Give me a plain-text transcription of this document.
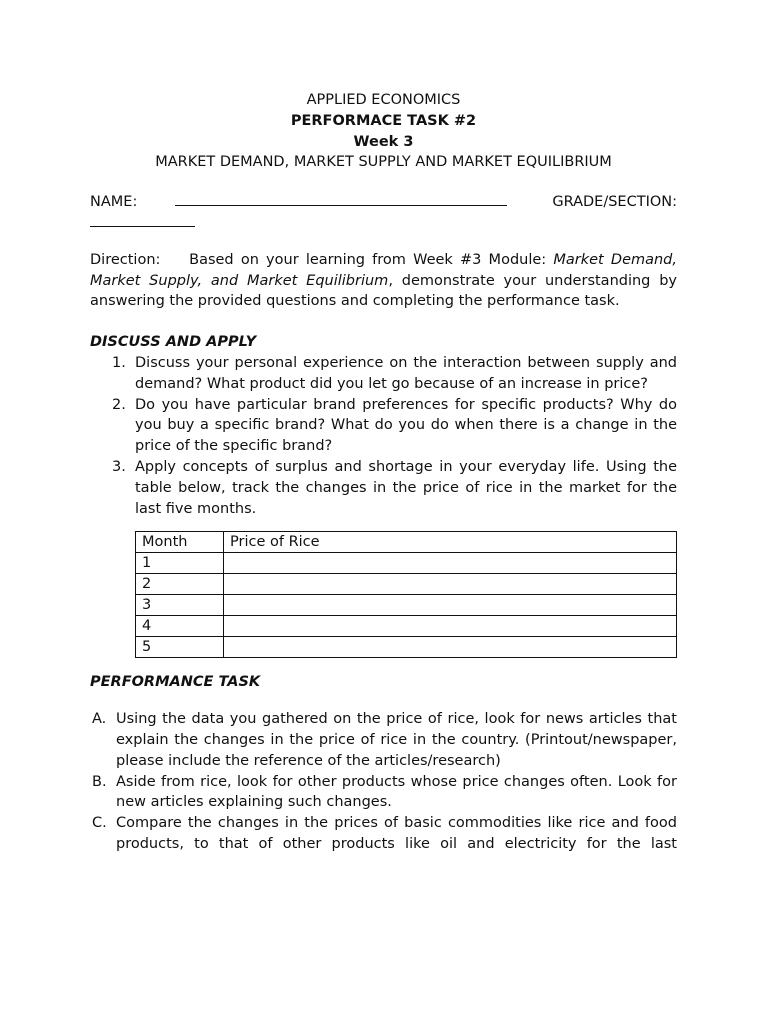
APPLIED ECONOMICS
PERFORMACE TASK #2
Week 3
MARKET DEMAND, MARKET SUPPLY AND MARKET EQUILIBRIUM
NAME:	GRADE/SECTION:
Direction: Based on your learning from Week #3 Module: Market Demand, Market Supply, and Market Equilibrium, demonstrate your understanding by answering the provided questions and completing the performance task.
DISCUSS AND APPLY
1. Discuss your personal experience on the interaction between supply and demand? What product did you let go because of an increase in price?
2. Do you have particular brand preferences for specific products? Why do you buy a specific brand? What do you do when there is a change in the price of the specific brand?
3. Apply concepts of surplus and shortage in your everyday life. Using the table below, track the changes in the price of rice in the market for the last five months.
Month	Price of Rice
1	
2	
3	
4	
5	
PERFORMANCE TASK
A. Using the data you gathered on the price of rice, look for news articles that explain the changes in the price of rice in the country. (Printout/newspaper, please include the reference of the articles/research)
B. Aside from rice, look for other products whose price changes often. Look for new articles explaining such changes.
C. Compare the changes in the prices of basic commodities like rice and food products, to that of other products like oil and electricity for the last
